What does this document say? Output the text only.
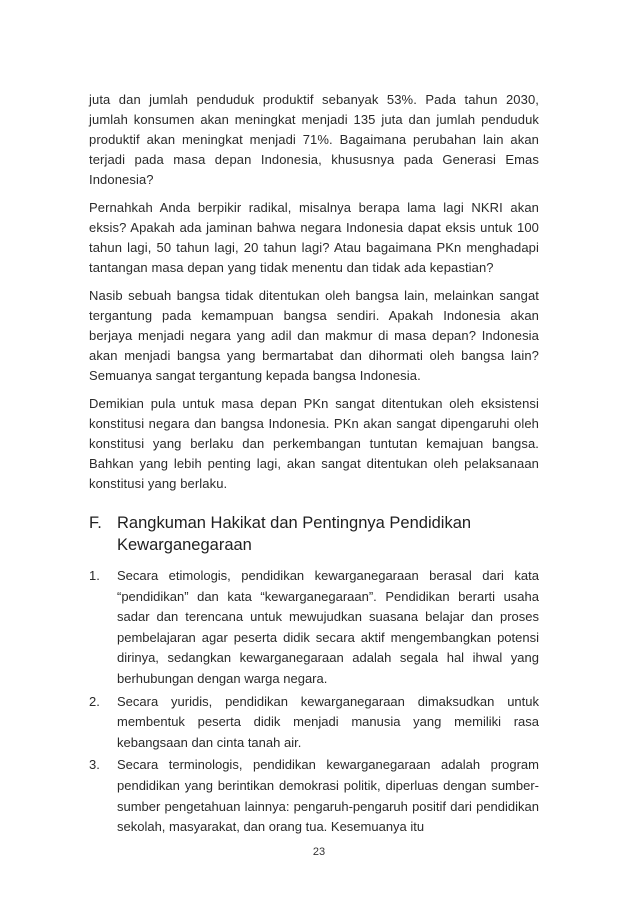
juta dan jumlah penduduk produktif sebanyak 53%. Pada tahun 2030, jumlah konsumen akan meningkat menjadi 135 juta dan jumlah penduduk produktif akan meningkat menjadi 71%. Bagaimana perubahan lain akan terjadi pada masa depan Indonesia, khususnya pada Generasi Emas Indonesia?

Pernahkah Anda berpikir radikal, misalnya berapa lama lagi NKRI akan eksis? Apakah ada jaminan bahwa negara Indonesia dapat eksis untuk 100 tahun lagi, 50 tahun lagi, 20 tahun lagi? Atau bagaimana PKn menghadapi tantangan masa depan yang tidak menentu dan tidak ada kepastian?

Nasib sebuah bangsa tidak ditentukan oleh bangsa lain, melainkan sangat tergantung pada kemampuan bangsa sendiri. Apakah Indonesia akan berjaya menjadi negara yang adil dan makmur di masa depan? Indonesia akan menjadi bangsa yang bermartabat dan dihormati oleh bangsa lain? Semuanya sangat tergantung kepada bangsa Indonesia.

Demikian pula untuk masa depan PKn sangat ditentukan oleh eksistensi konstitusi negara dan bangsa Indonesia. PKn akan sangat dipengaruhi oleh konstitusi yang berlaku dan perkembangan tuntutan kemajuan bangsa. Bahkan yang lebih penting lagi, akan sangat ditentukan oleh pelaksanaan konstitusi yang berlaku.

F. Rangkuman Hakikat dan Pentingnya Pendidikan Kewarganegaraan
1.	Secara etimologis, pendidikan kewarganegaraan berasal dari kata “pendidikan” dan kata “kewarganegaraan”. Pendidikan berarti usaha sadar dan terencana untuk mewujudkan suasana belajar dan proses pembelajaran agar peserta didik secara aktif mengembangkan potensi dirinya, sedangkan kewarganegaraan adalah segala hal ihwal yang berhubungan dengan warga negara.
2.	Secara yuridis, pendidikan kewarganegaraan dimaksudkan untuk membentuk peserta didik menjadi manusia yang memiliki rasa kebangsaan dan cinta tanah air.
3.	Secara terminologis, pendidikan kewarganegaraan adalah program pendidikan yang berintikan demokrasi politik, diperluas dengan sumber-sumber pengetahuan lainnya: pengaruh-pengaruh positif dari pendidikan sekolah, masyarakat, dan orang tua. Kesemuanya itu
23
